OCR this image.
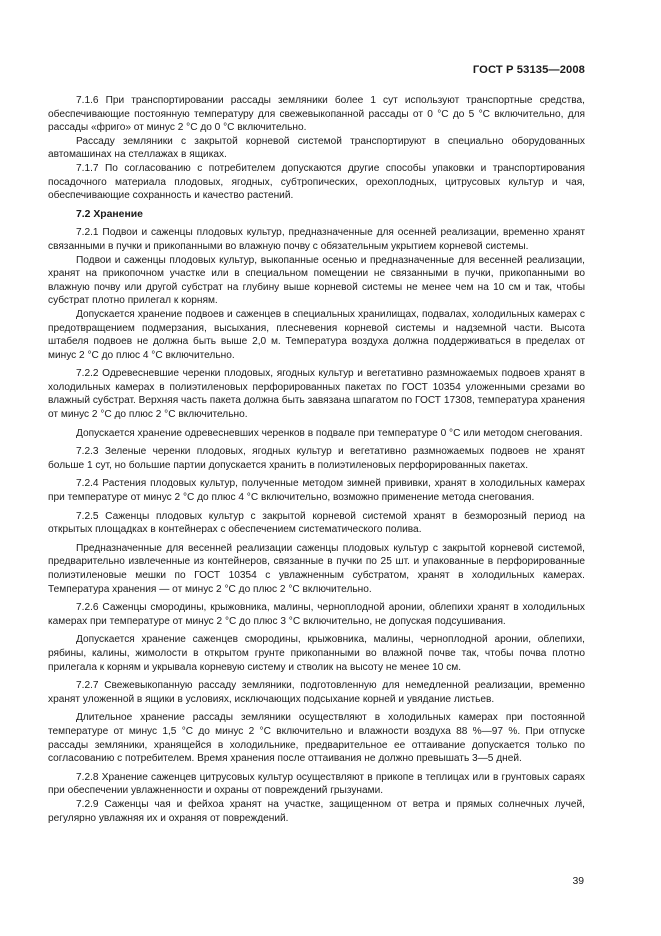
ГОСТ Р 53135—2008

7.1.6 При транспортировании рассады земляники более 1 сут используют транспортные средства, обеспечивающие постоянную температуру для свежевыкопанной рассады от 0 °С до 5 °С включительно, для рассады «фриго» от минус 2 °С до 0 °С включительно.

Рассаду земляники с закрытой корневой системой транспортируют в специально оборудованных автомашинах на стеллажах в ящиках.

7.1.7 По согласованию с потребителем допускаются другие способы упаковки и транспортирования посадочного материала плодовых, ягодных, субтропических, орехоплодных, цитрусовых культур и чая, обеспечивающие сохранность и качество растений.

7.2 Хранение

7.2.1 Подвои и саженцы плодовых культур, предназначенные для осенней реализации, временно хранят связанными в пучки и прикопанными во влажную почву с обязательным укрытием корневой системы.

Подвои и саженцы плодовых культур, выкопанные осенью и предназначенные для весенней реализации, хранят на прикопочном участке или в специальном помещении не связанными в пучки, прикопанными во влажную почву или другой субстрат на глубину выше корневой системы не менее чем на 10 см и так, чтобы субстрат плотно прилегал к корням.

Допускается хранение подвоев и саженцев в специальных хранилищах, подвалах, холодильных камерах с предотвращением подмерзания, высыхания, плесневения корневой системы и надземной части. Высота штабеля подвоев не должна быть выше 2,0 м. Температура воздуха должна поддерживаться в пределах от минус 2 °С до плюс 4 °С включительно.

7.2.2 Одревесневшие черенки плодовых, ягодных культур и вегетативно размножаемых подвоев хранят в холодильных камерах в полиэтиленовых перфорированных пакетах по ГОСТ 10354 уложенными срезами во влажный субстрат. Верхняя часть пакета должна быть завязана шпагатом по ГОСТ 17308, температура хранения от минус 2 °С до плюс 2 °С включительно.

Допускается хранение одревесневших черенков в подвале при температуре 0 °С или методом снегования.

7.2.3 Зеленые черенки плодовых, ягодных культур и вегетативно размножаемых подвоев не хранят больше 1 сут, но большие партии допускается хранить в полиэтиленовых перфорированных пакетах.

7.2.4 Растения плодовых культур, полученные методом зимней прививки, хранят в холодильных камерах при температуре от минус 2 °С до плюс 4 °С включительно, возможно применение метода снегования.

7.2.5 Саженцы плодовых культур с закрытой корневой системой хранят в безморозный период на открытых площадках в контейнерах с обеспечением систематического полива.

Предназначенные для весенней реализации саженцы плодовых культур с закрытой корневой системой, предварительно извлеченные из контейнеров, связанные в пучки по 25 шт. и упакованные в перфорированные полиэтиленовые мешки по ГОСТ 10354 с увлажненным субстратом, хранят в холодильных камерах. Температура хранения — от минус 2 °С до плюс 2 °С включительно.

7.2.6 Саженцы смородины, крыжовника, малины, черноплодной аронии, облепихи хранят в холодильных камерах при температуре от минус 2 °С до плюс 3 °С включительно, не допуская подсушивания.

Допускается хранение саженцев смородины, крыжовника, малины, черноплодной аронии, облепихи, рябины, калины, жимолости в открытом грунте прикопанными во влажной почве так, чтобы почва плотно прилегала к корням и укрывала корневую систему и стволик на высоту не менее 10 см.

7.2.7 Свежевыкопанную рассаду земляники, подготовленную для немедленной реализации, временно хранят уложенной в ящики в условиях, исключающих подсыхание корней и увядание листьев.

Длительное хранение рассады земляники осуществляют в холодильных камерах при постоянной температуре от минус 1,5 °С до минус 2 °С включительно и влажности воздуха 88 %—97 %. При отпуске рассады земляники, хранящейся в холодильнике, предварительное ее оттаивание допускается только по согласованию с потребителем. Время хранения после оттаивания не должно превышать 3—5 дней.

7.2.8 Хранение саженцев цитрусовых культур осуществляют в прикопе в теплицах или в грунтовых сараях при обеспечении увлажненности и охраны от повреждений грызунами.

7.2.9 Саженцы чая и фейхоа хранят на участке, защищенном от ветра и прямых солнечных лучей, регулярно увлажняя их и охраняя от повреждений.

39
